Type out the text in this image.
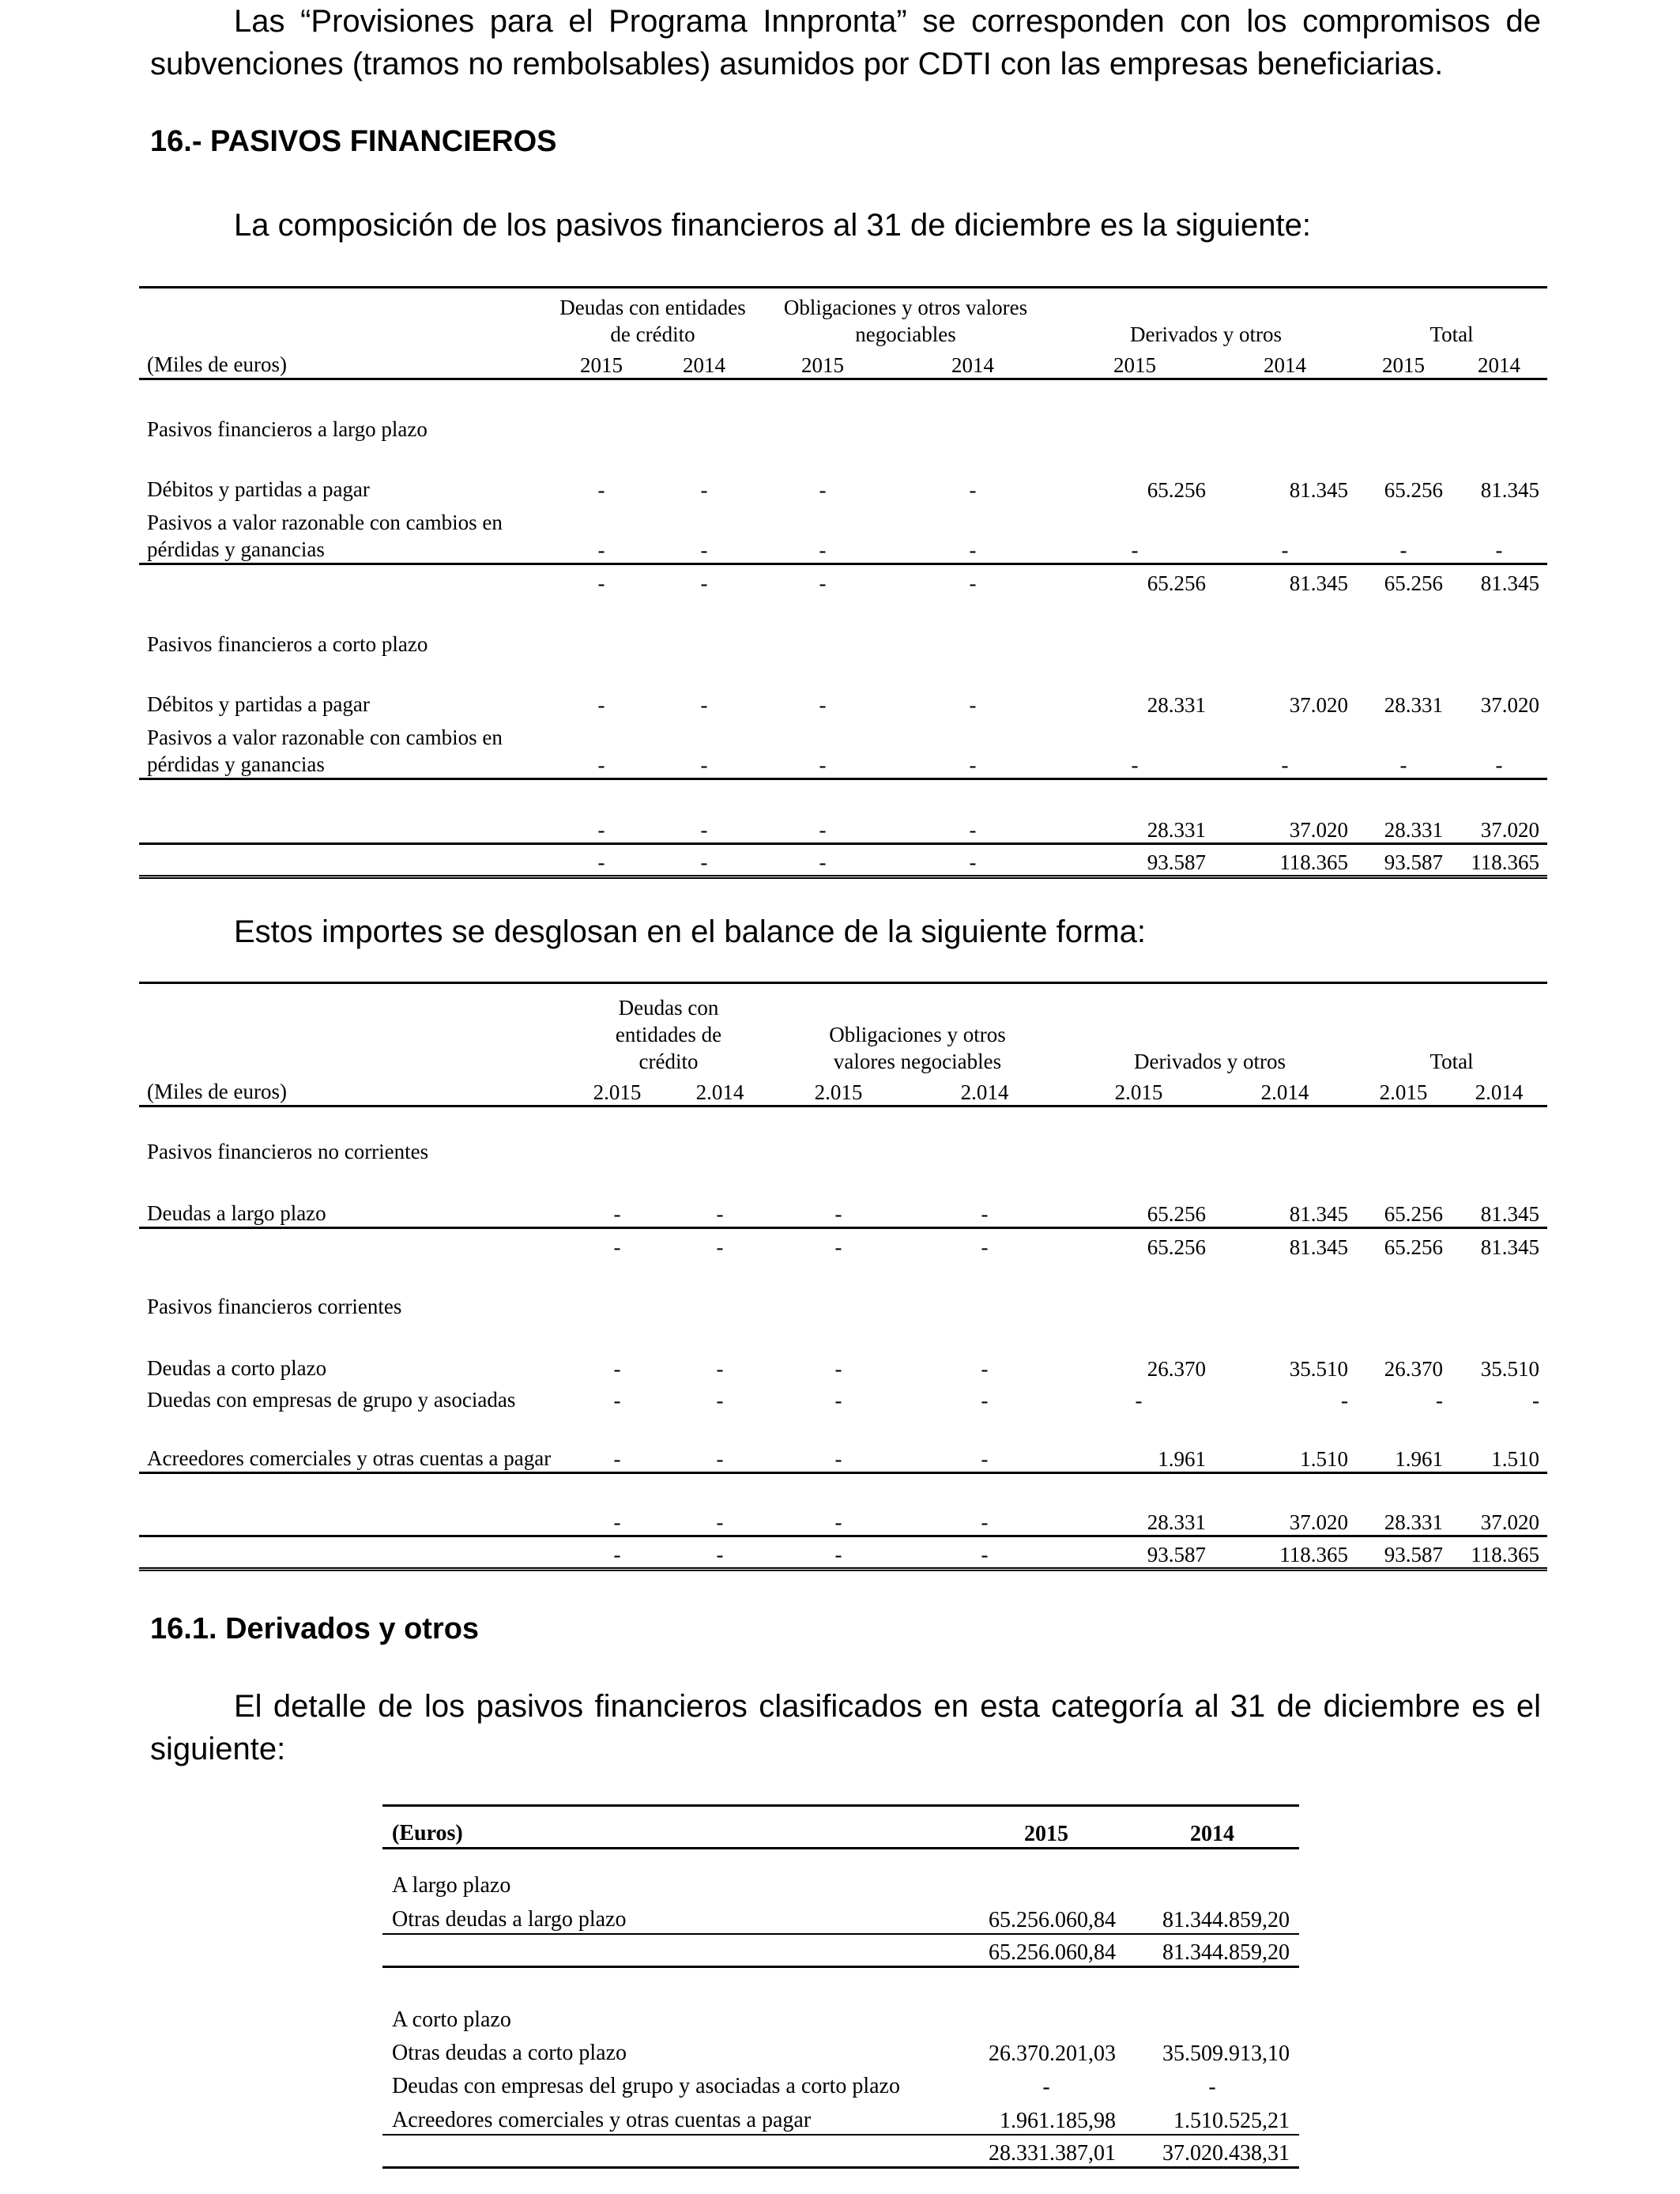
Las “Provisiones para el Programa Innpronta” se corresponden con los compromisos de subvenciones (tramos no rembolsables) asumidos por CDTI con las empresas beneficiarias.

16.- PASIVOS FINANCIEROS

La composición de los pasivos financieros al 31 de diciembre es la siguiente:

	Deudas con entidades de crédito		Obligaciones y otros valores negociables		Derivados y otros		Total	
(Miles de euros)	2015	2014	2015	2014	2015	2014	2015	2014
Pasivos financieros a largo plazo								
Débitos y partidas a pagar	-	-	-	-	65.256	81.345	65.256	81.345
Pasivos a valor razonable con cambios en pérdidas y ganancias	-	-	-	-	-	-	-	-
	-	-	-	-	65.256	81.345	65.256	81.345
Pasivos financieros a corto plazo								
Débitos y partidas a pagar	-	-	-	-	28.331	37.020	28.331	37.020
Pasivos a valor razonable con cambios en pérdidas y ganancias	-	-	-	-	-	-	-	-
	-	-	-	-	28.331	37.020	28.331	37.020
	-	-	-	-	93.587	118.365	93.587	118.365

Estos importes se desglosan en el balance de la siguiente forma:

	Deudas con entidades de crédito		Obligaciones y otros valores negociables		Derivados y otros		Total	
(Miles de euros)	2.015	2.014	2.015	2.014	2.015	2.014	2.015	2.014
Pasivos financieros no corrientes								
Deudas a largo plazo	-	-	-	-	65.256	81.345	65.256	81.345
	-	-	-	-	65.256	81.345	65.256	81.345
Pasivos financieros corrientes								
Deudas a corto plazo	-	-	-	-	26.370	35.510	26.370	35.510
Duedas con empresas de grupo y asociadas	-	-	-	-	-	-	-	-
Acreedores comerciales y otras cuentas a pagar	-	-	-	-	1.961	1.510	1.961	1.510
	-	-	-	-	28.331	37.020	28.331	37.020
	-	-	-	-	93.587	118.365	93.587	118.365
16.1. Derivados y otros

El detalle de los pasivos financieros clasificados en esta categoría al 31 de diciembre es el siguiente:

(Euros)	2015	2014
A largo plazo		
Otras deudas a largo plazo	65.256.060,84	81.344.859,20
	65.256.060,84	81.344.859,20
A corto plazo		
Otras deudas a corto plazo	26.370.201,03	35.509.913,10
Deudas con empresas del grupo y asociadas a corto plazo	-	-
Acreedores comerciales y otras cuentas a pagar	1.961.185,98	1.510.525,21
	28.331.387,01	37.020.438,31
